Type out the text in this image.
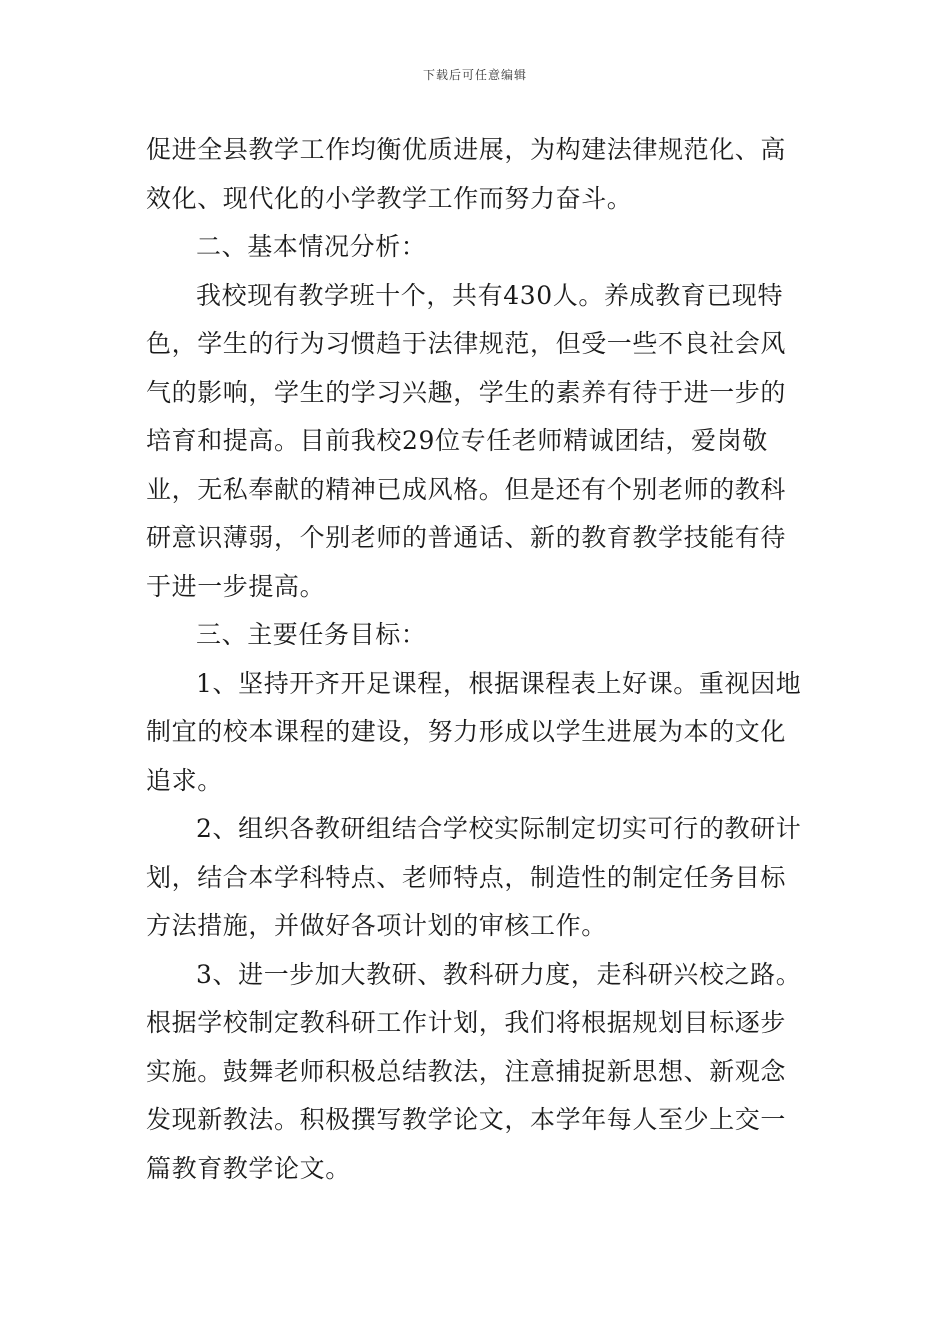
下载后可任意编辑

促进全县教学工作均衡优质进展，为构建法律规范化、高效化、现代化的小学教学工作而努力奋斗。

二、基本情况分析：

我校现有教学班十个，共有430人。养成教育已现特色，学生的行为习惯趋于法律规范，但受一些不良社会风气的影响，学生的学习兴趣，学生的素养有待于进一步的培育和提高。目前我校29位专任老师精诚团结，爱岗敬业，无私奉献的精神已成风格。但是还有个别老师的教科研意识薄弱，个别老师的普通话、新的教育教学技能有待于进一步提高。

三、主要任务目标：

1、坚持开齐开足课程，根据课程表上好课。重视因地制宜的校本课程的建设，努力形成以学生进展为本的文化追求。

2、组织各教研组结合学校实际制定切实可行的教研计划，结合本学科特点、老师特点，制造性的制定任务目标方法措施，并做好各项计划的审核工作。

3、进一步加大教研、教科研力度，走科研兴校之路。根据学校制定教科研工作计划，我们将根据规划目标逐步实施。鼓舞老师积极总结教法，注意捕捉新思想、新观念发现新教法。积极撰写教学论文，本学年每人至少上交一篇教育教学论文。
